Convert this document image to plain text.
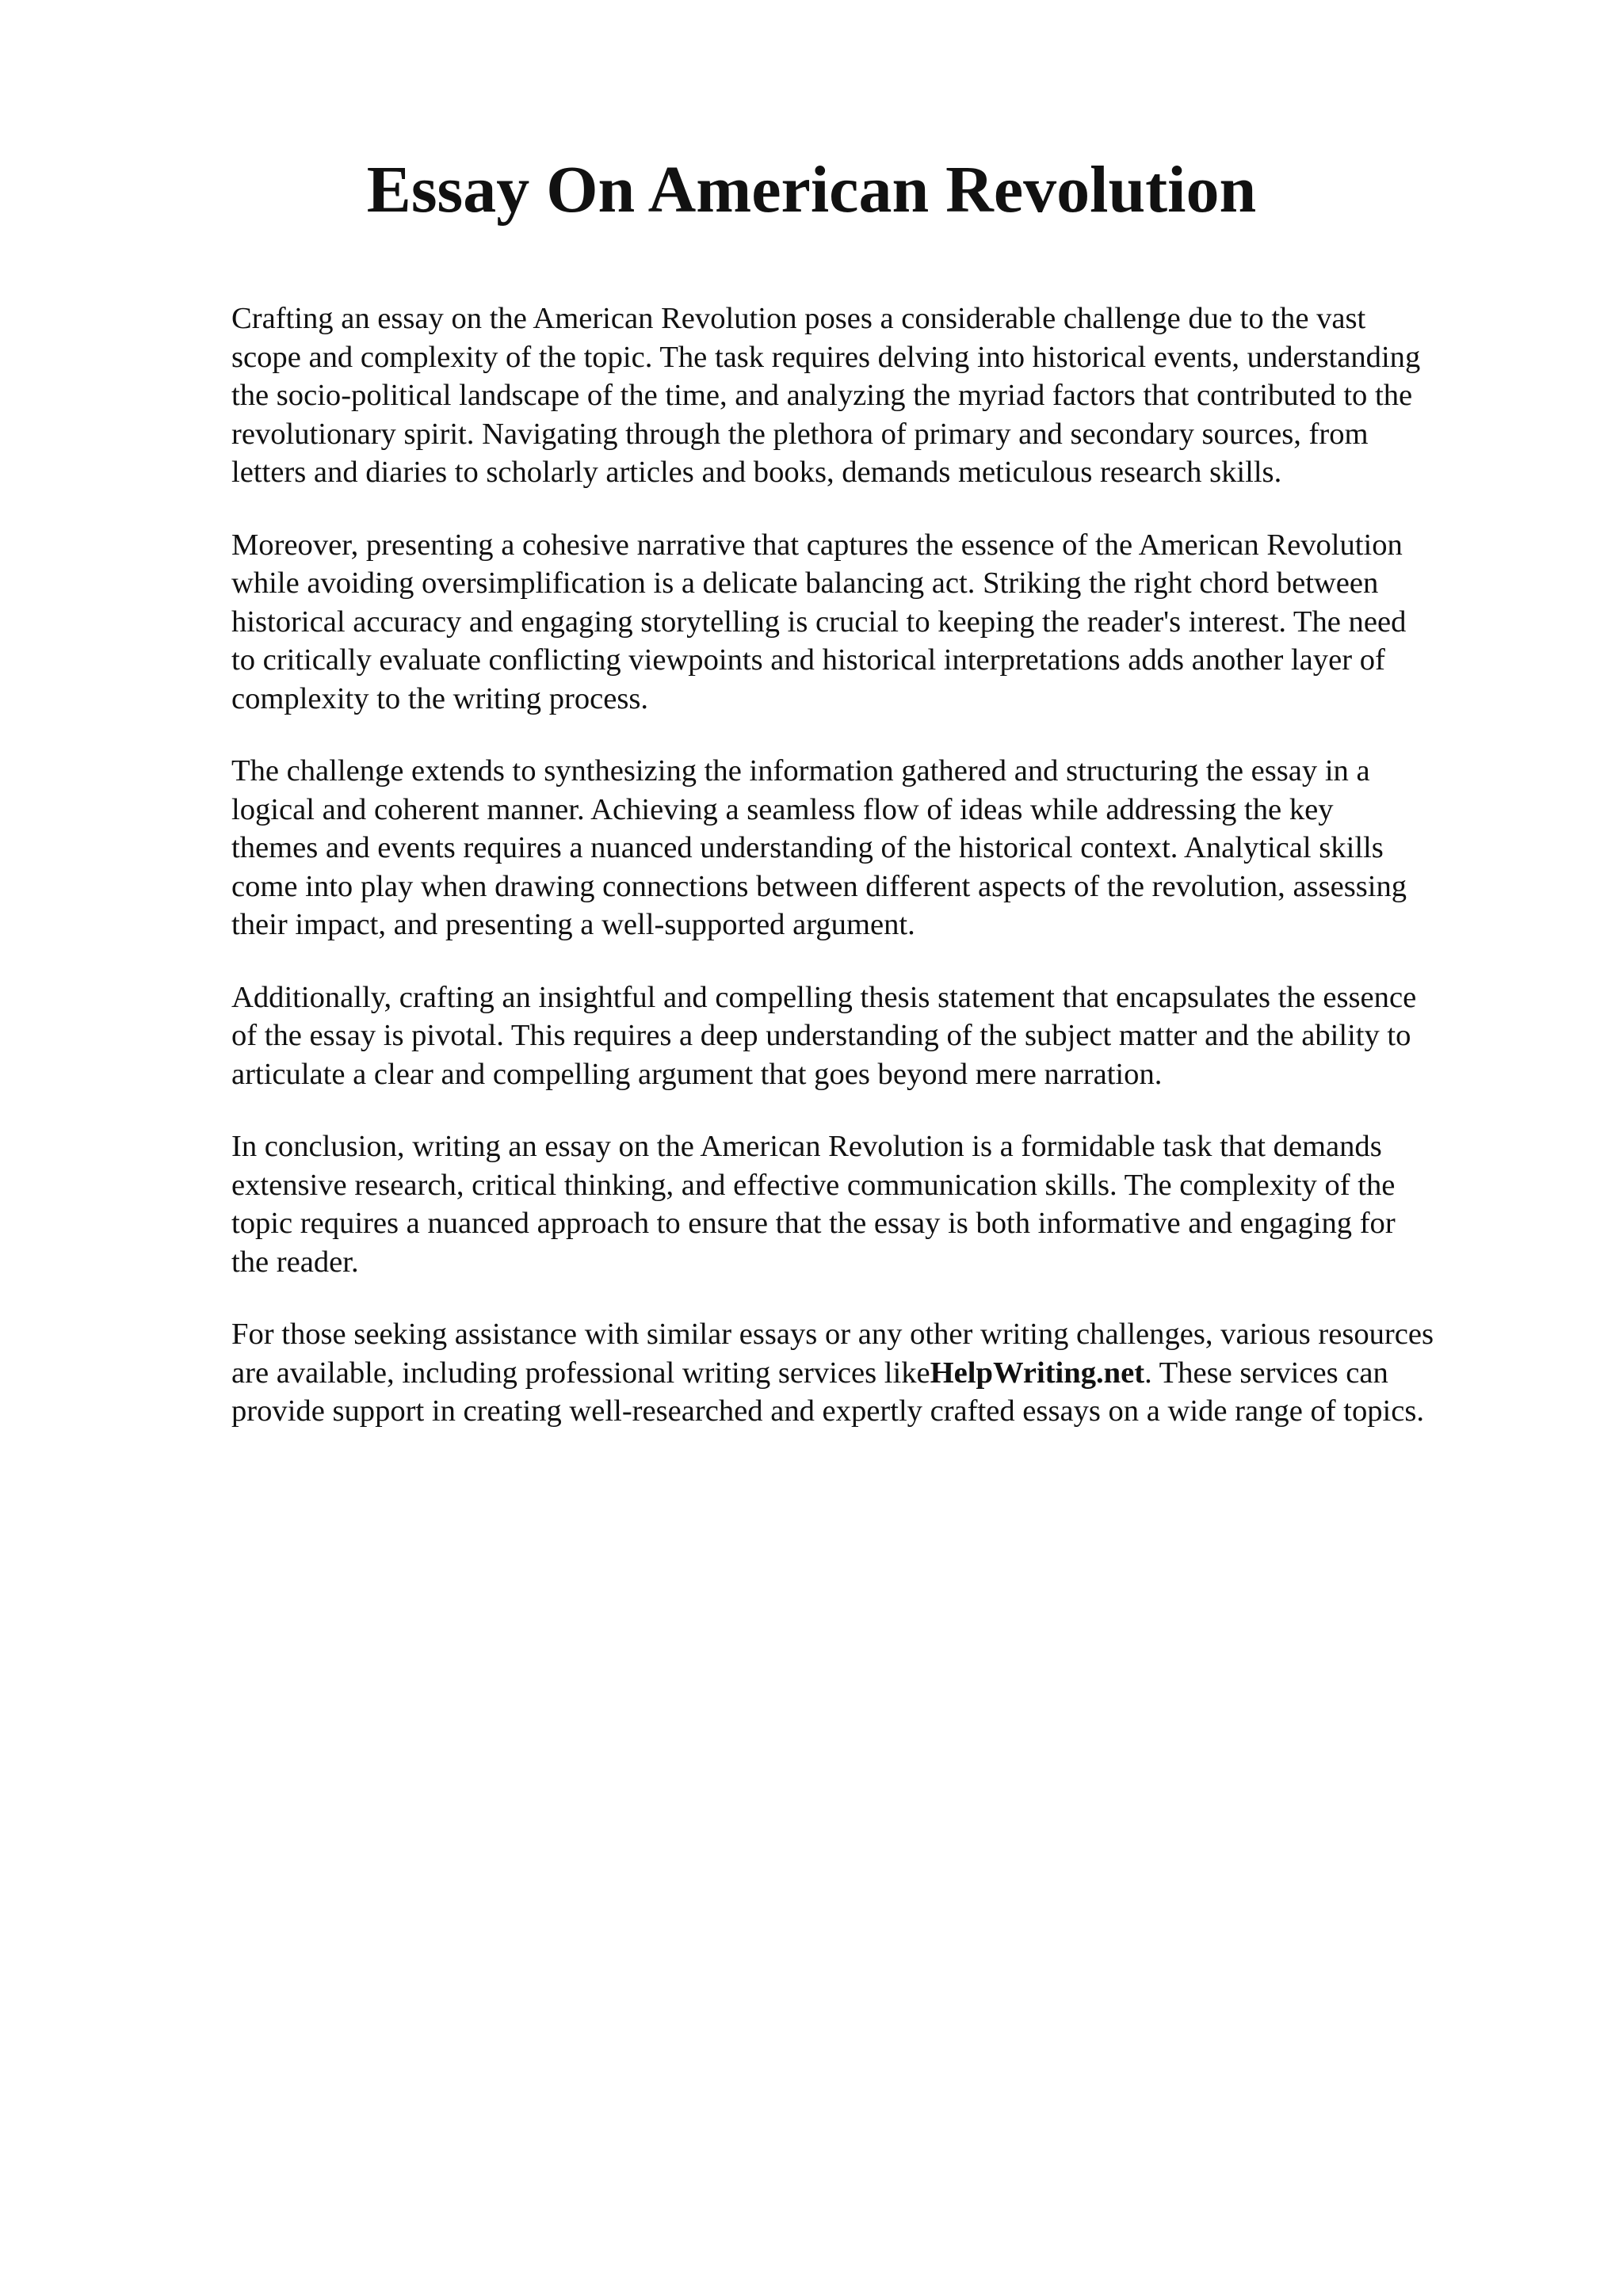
Essay On American Revolution

Crafting an essay on the American Revolution poses a considerable challenge due to the vast
scope and complexity of the topic. The task requires delving into historical events, understanding
the socio-political landscape of the time, and analyzing the myriad factors that contributed to the
revolutionary spirit. Navigating through the plethora of primary and secondary sources, from
letters and diaries to scholarly articles and books, demands meticulous research skills.

Moreover, presenting a cohesive narrative that captures the essence of the American Revolution
while avoiding oversimplification is a delicate balancing act. Striking the right chord between
historical accuracy and engaging storytelling is crucial to keeping the reader's interest. The need
to critically evaluate conflicting viewpoints and historical interpretations adds another layer of
complexity to the writing process.

The challenge extends to synthesizing the information gathered and structuring the essay in a
logical and coherent manner. Achieving a seamless flow of ideas while addressing the key
themes and events requires a nuanced understanding of the historical context. Analytical skills
come into play when drawing connections between different aspects of the revolution, assessing
their impact, and presenting a well-supported argument.

Additionally, crafting an insightful and compelling thesis statement that encapsulates the essence
of the essay is pivotal. This requires a deep understanding of the subject matter and the ability to
articulate a clear and compelling argument that goes beyond mere narration.

In conclusion, writing an essay on the American Revolution is a formidable task that demands
extensive research, critical thinking, and effective communication skills. The complexity of the
topic requires a nuanced approach to ensure that the essay is both informative and engaging for
the reader.

For those seeking assistance with similar essays or any other writing challenges, various resources
are available, including professional writing services likeHelpWriting.net. These services can
provide support in creating well-researched and expertly crafted essays on a wide range of topics.
